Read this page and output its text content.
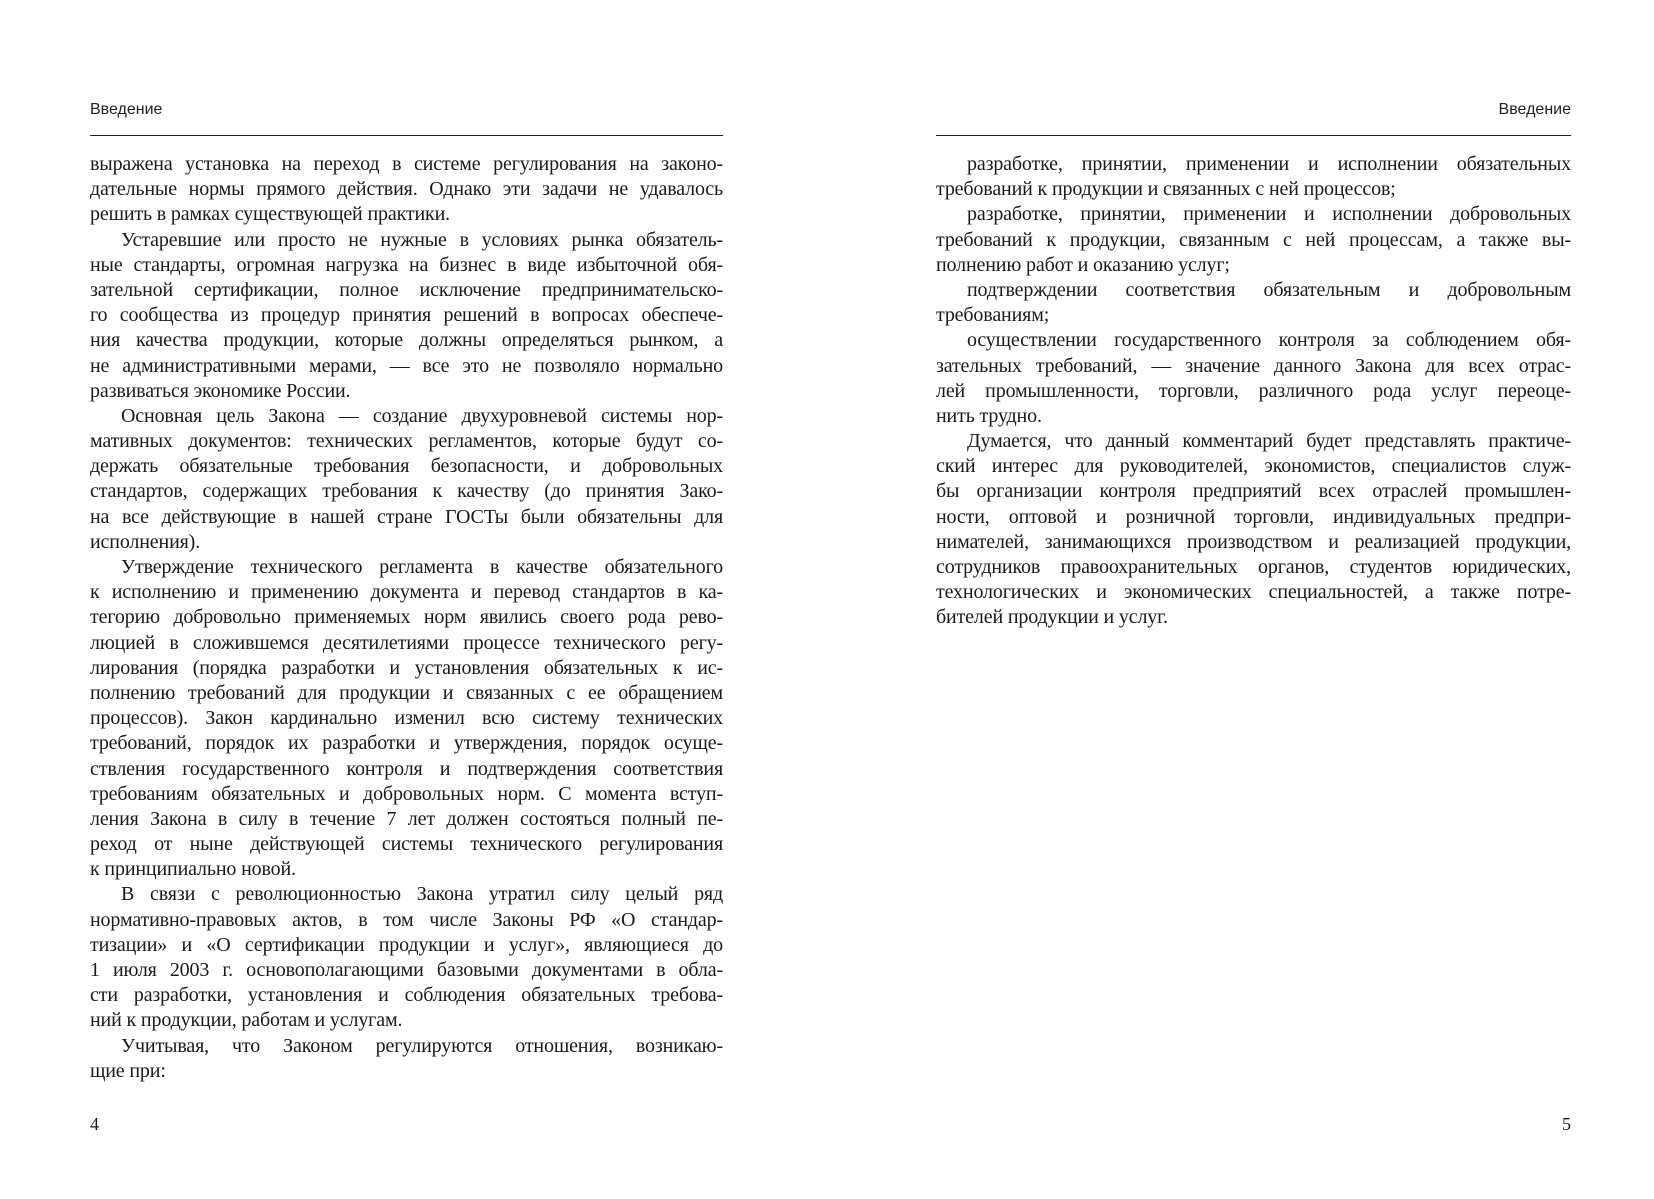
Введение
выражена установка на переход в системе регулирования на законо-
дательные нормы прямого действия. Однако эти задачи не удавалось
решить в рамках существующей практики.
Устаревшие или просто не нужные в условиях рынка обязатель-
ные стандарты, огромная нагрузка на бизнес в виде избыточной обя-
зательной сертификации, полное исключение предпринимательско-
го сообщества из процедур принятия решений в вопросах обеспече-
ния качества продукции, которые должны определяться рынком, а
не административными мерами, — все это не позволяло нормально
развиваться экономике России.
Основная цель Закона — создание двухуровневой системы нор-
мативных документов: технических регламентов, которые будут со-
держать обязательные требования безопасности, и добровольных
стандартов, содержащих требования к качеству (до принятия Зако-
на все действующие в нашей стране ГОСТы были обязательны для
исполнения).
Утверждение технического регламента в качестве обязательного
к исполнению и применению документа и перевод стандартов в ка-
тегорию добровольно применяемых норм явились своего рода рево-
люцией в сложившемся десятилетиями процессе технического регу-
лирования (порядка разработки и установления обязательных к ис-
полнению требований для продукции и связанных с ее обращением
процессов). Закон кардинально изменил всю систему технических
требований, порядок их разработки и утверждения, порядок осуще-
ствления государственного контроля и подтверждения соответствия
требованиям обязательных и добровольных норм. С момента вступ-
ления Закона в силу в течение 7 лет должен состояться полный пе-
реход от ныне действующей системы технического регулирования
к принципиально новой.
В связи с революционностью Закона утратил силу целый ряд
нормативно-правовых актов, в том числе Законы РФ «О стандар-
тизации» и «О сертификации продукции и услуг», являющиеся до
1 июля 2003 г. основополагающими базовыми документами в обла-
сти разработки, установления и соблюдения обязательных требова-
ний к продукции, работам и услугам.
Учитывая, что Законом регулируются отношения, возникаю-
щие при:
4
Введение
разработке, принятии, применении и исполнении обязательных
требований к продукции и связанных с ней процессов;
разработке, принятии, применении и исполнении добровольных
требований к продукции, связанным с ней процессам, а также вы-
полнению работ и оказанию услуг;
подтверждении соответствия обязательным и добровольным
требованиям;
осуществлении государственного контроля за соблюдением обя-
зательных требований, — значение данного Закона для всех отрас-
лей промышленности, торговли, различного рода услуг переоце-
нить трудно.
Думается, что данный комментарий будет представлять практиче-
ский интерес для руководителей, экономистов, специалистов служ-
бы организации контроля предприятий всех отраслей промышлен-
ности, оптовой и розничной торговли, индивидуальных предпри-
нимателей, занимающихся производством и реализацией продукции,
сотрудников правоохранительных органов, студентов юридических,
технологических и экономических специальностей, а также потре-
бителей продукции и услуг.
5
